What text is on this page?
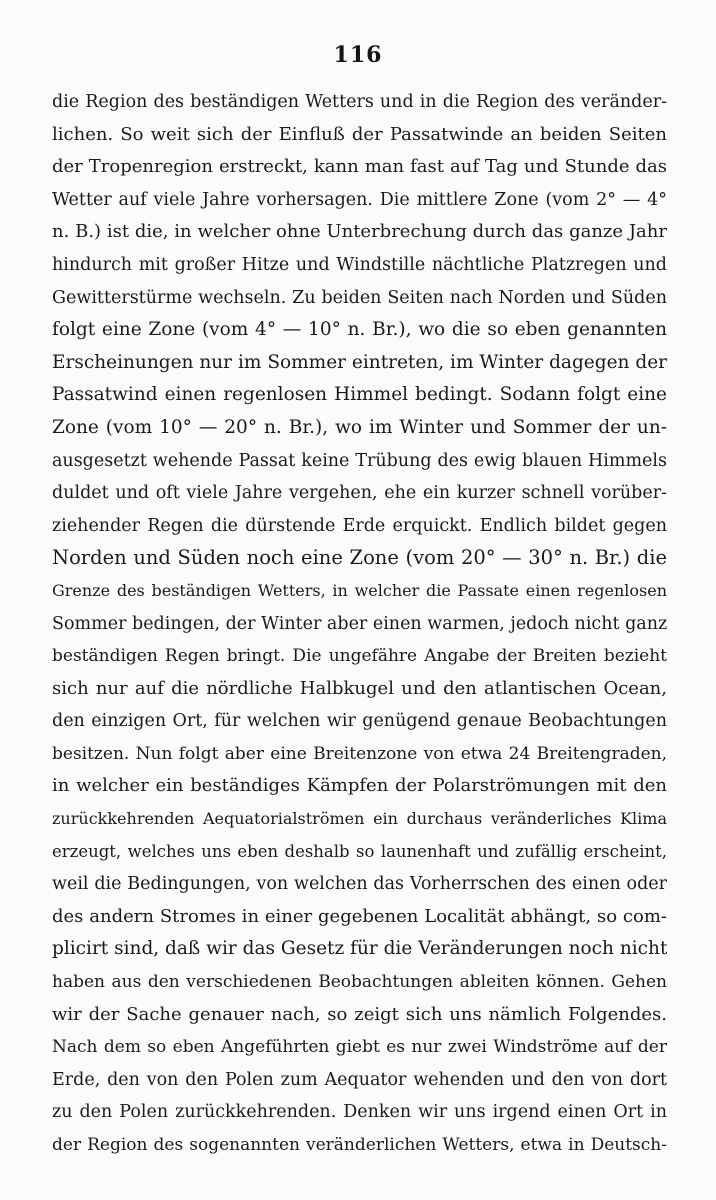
116
die Region des beständigen Wetters und in die Region des veränder-
lichen. So weit sich der Einfluß der Passatwinde an beiden Seiten
der Tropenregion erstreckt, kann man fast auf Tag und Stunde das
Wetter auf viele Jahre vorhersagen. Die mittlere Zone (vom 2° — 4°
n. B.) ist die, in welcher ohne Unterbrechung durch das ganze Jahr
hindurch mit großer Hitze und Windstille nächtliche Platzregen und
Gewitterstürme wechseln. Zu beiden Seiten nach Norden und Süden
folgt eine Zone (vom 4° — 10° n. Br.), wo die so eben genannten
Erscheinungen nur im Sommer eintreten, im Winter dagegen der
Passatwind einen regenlosen Himmel bedingt. Sodann folgt eine
Zone (vom 10° — 20° n. Br.), wo im Winter und Sommer der un-
ausgesetzt wehende Passat keine Trübung des ewig blauen Himmels
duldet und oft viele Jahre vergehen, ehe ein kurzer schnell vorüber-
ziehender Regen die dürstende Erde erquickt. Endlich bildet gegen
Norden und Süden noch eine Zone (vom 20° — 30° n. Br.) die
Grenze des beständigen Wetters, in welcher die Passate einen regenlosen
Sommer bedingen, der Winter aber einen warmen, jedoch nicht ganz
beständigen Regen bringt. Die ungefähre Angabe der Breiten bezieht
sich nur auf die nördliche Halbkugel und den atlantischen Ocean,
den einzigen Ort, für welchen wir genügend genaue Beobachtungen
besitzen. Nun folgt aber eine Breitenzone von etwa 24 Breitengraden,
in welcher ein beständiges Kämpfen der Polarströmungen mit den
zurückkehrenden Aequatorialströmen ein durchaus veränderliches Klima
erzeugt, welches uns eben deshalb so launenhaft und zufällig erscheint,
weil die Bedingungen, von welchen das Vorherrschen des einen oder
des andern Stromes in einer gegebenen Localität abhängt, so com-
plicirt sind, daß wir das Gesetz für die Veränderungen noch nicht
haben aus den verschiedenen Beobachtungen ableiten können. Gehen
wir der Sache genauer nach, so zeigt sich uns nämlich Folgendes.
Nach dem so eben Angeführten giebt es nur zwei Windströme auf der
Erde, den von den Polen zum Aequator wehenden und den von dort
zu den Polen zurückkehrenden. Denken wir uns irgend einen Ort in
der Region des sogenannten veränderlichen Wetters, etwa in Deutsch-
